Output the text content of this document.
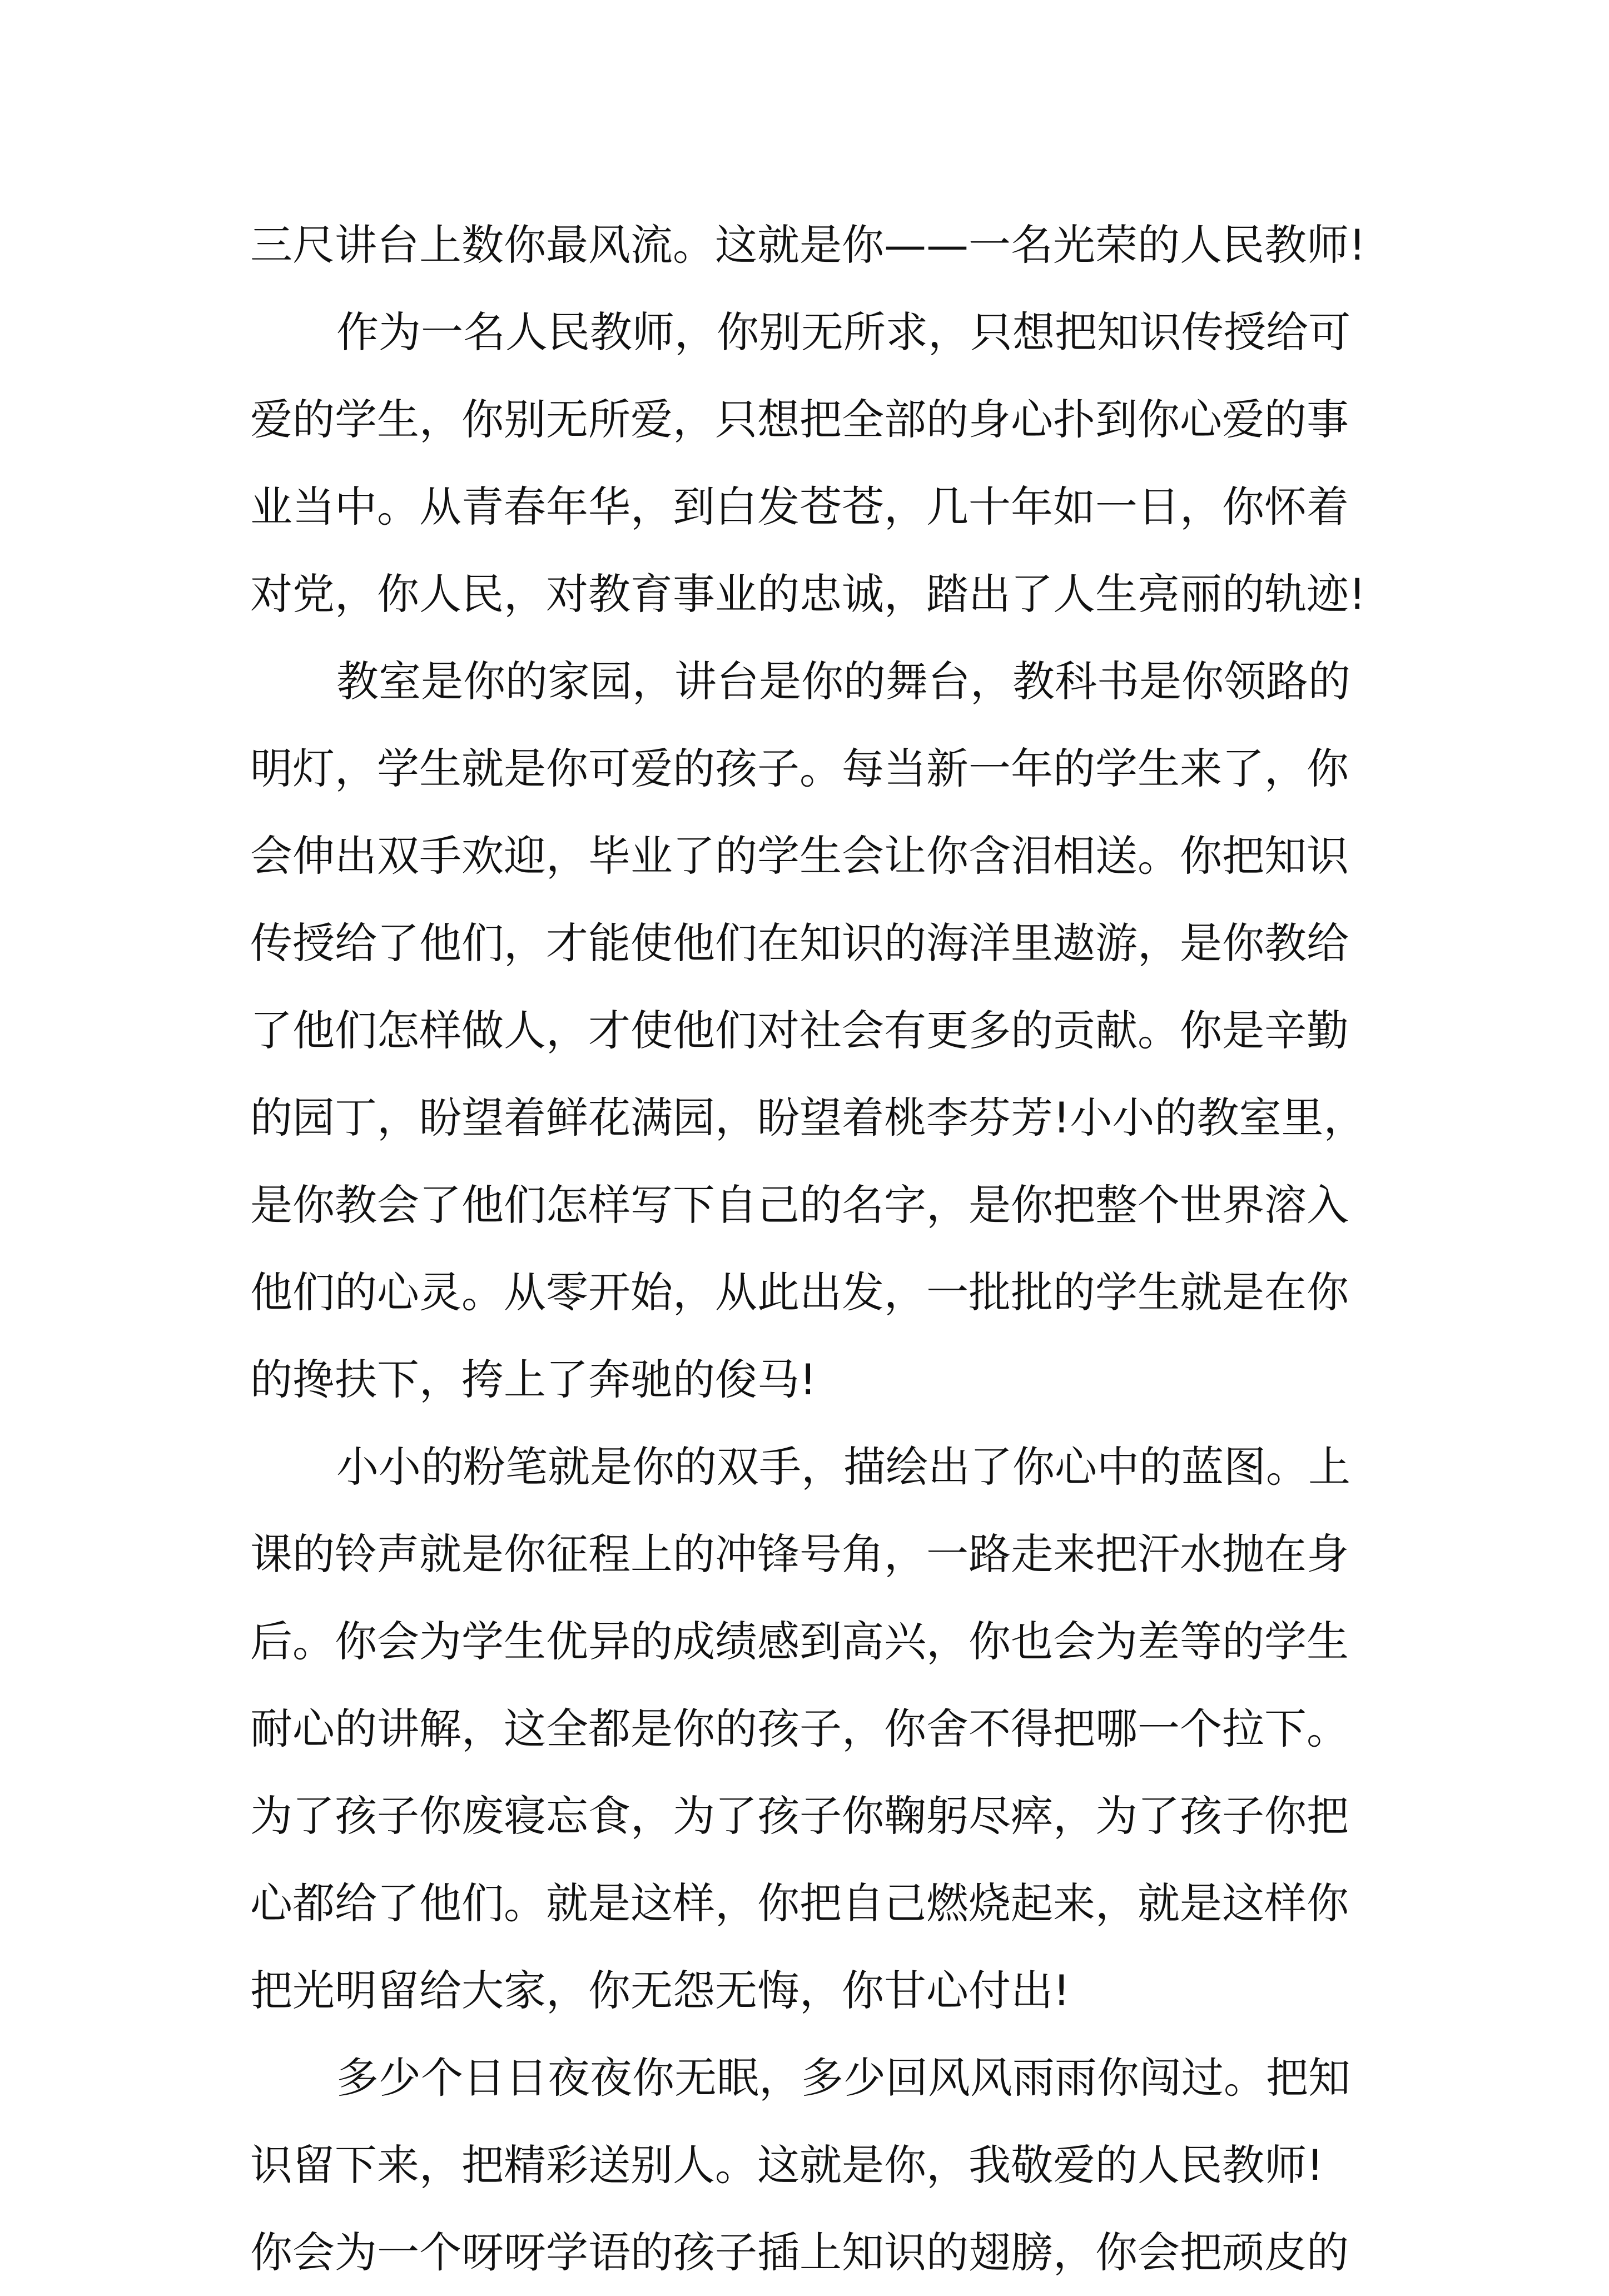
三尺讲台上数你最风流。这就是你——一名光荣的人民教师!
作为一名人民教师，你别无所求，只想把知识传授给可
爱的学生，你别无所爱，只想把全部的身心扑到你心爱的事
业当中。从青春年华，到白发苍苍，几十年如一日，你怀着
对党，你人民，对教育事业的忠诚，踏出了人生亮丽的轨迹!
教室是你的家园，讲台是你的舞台，教科书是你领路的
明灯，学生就是你可爱的孩子。每当新一年的学生来了，你
会伸出双手欢迎，毕业了的学生会让你含泪相送。你把知识
传授给了他们，才能使他们在知识的海洋里遨游，是你教给
了他们怎样做人，才使他们对社会有更多的贡献。你是辛勤
的园丁，盼望着鲜花满园，盼望着桃李芬芳!小小的教室里，
是你教会了他们怎样写下自己的名字，是你把整个世界溶入
他们的心灵。从零开始，从此出发，一批批的学生就是在你
的搀扶下，挎上了奔驰的俊马!
小小的粉笔就是你的双手，描绘出了你心中的蓝图。上
课的铃声就是你征程上的冲锋号角，一路走来把汗水抛在身
后。你会为学生优异的成绩感到高兴，你也会为差等的学生
耐心的讲解，这全都是你的孩子，你舍不得把哪一个拉下。
为了孩子你废寝忘食，为了孩子你鞠躬尽瘁，为了孩子你把
心都给了他们。就是这样，你把自己燃烧起来，就是这样你
把光明留给大家，你无怨无悔，你甘心付出!
多少个日日夜夜你无眠，多少回风风雨雨你闯过。把知
识留下来，把精彩送别人。这就是你，我敬爱的人民教师!
你会为一个呀呀学语的孩子插上知识的翅膀，你会把顽皮的
